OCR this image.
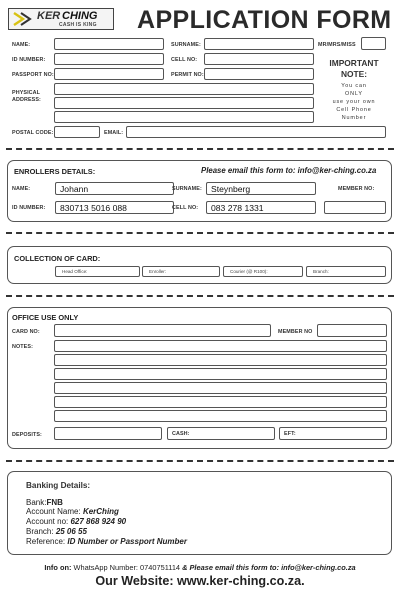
KER CHING
CASH IS KING APPLICATION FORM
NAME:	SURNAME:	MR/MRS/MISS
ID NUMBER:	CELL NO:
PASSPORT NO:	PERMIT NO:
PHYSICAL
ADDRESS:
POSTAL CODE:	EMAIL:
IMPORTANT
NOTE:
You can
ONLY
use your own
Cell Phone
Number
ENROLLERS DETAILS:	Please email this form to: info@ker-ching.co.za
NAME:	Johann	SURNAME: Steynberg	MEMBER NO:
ID NUMBER: 830713 5016 088	CELL NO: 083 278 1331
COLLECTION OF CARD:
Head Office:	Enroller:	Courier (@ R100):	Branch:
OFFICE USE ONLY
CARD NO:	MEMBER NO
NOTES:
DEPOSITS:	CASH:	EFT:
Banking Details:
Bank:FNB
Account Name: KerChing
Account no: 627 868 924 90
Branch: 25 06 55
Reference: ID Number or Passport Number
Info on: WhatsApp Number: 0740751114 & Please email this form to: info@ker-ching.co.za
Our Website: www.ker-ching.co.za.
